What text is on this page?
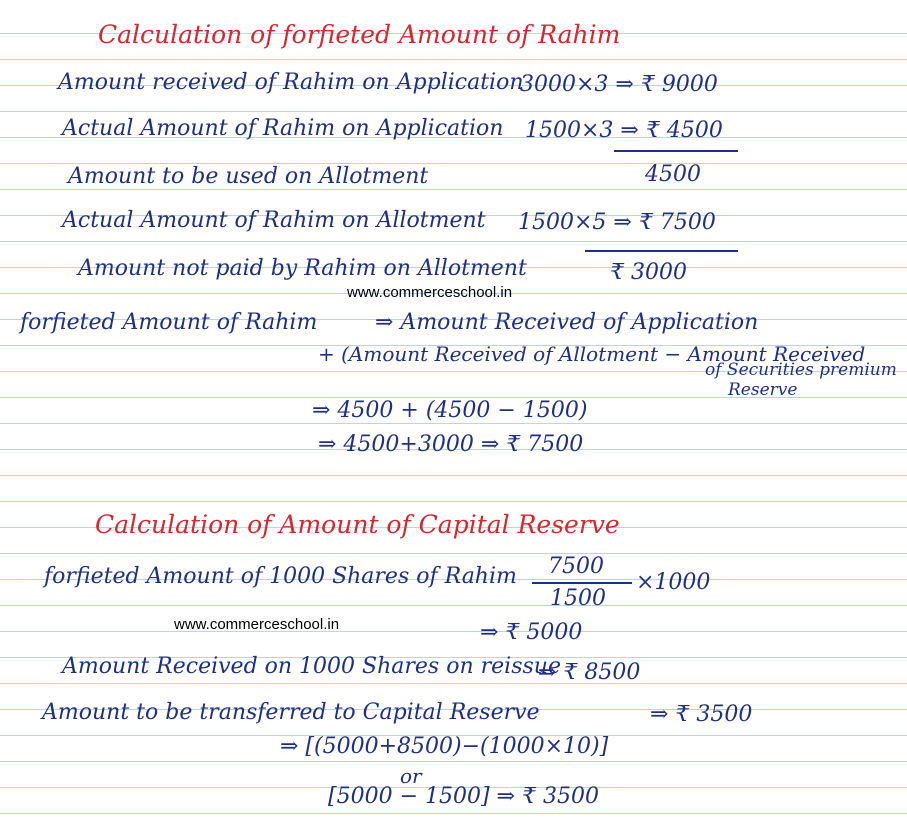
Calculation of forfieted Amount of Rahim
Amount received of Rahim on Application
3000×3 ⇒ ₹ 9000
Actual Amount of Rahim on Application 1500×3 ⇒ ₹ 4500
Amount to be used on Allotment	4500
Actual Amount of Rahim on Allotment 1500×5 ⇒ ₹ 7500
Amount not paid by Rahim on Allotment	₹ 3000
www.commerceschool.in
forfieted Amount of Rahim	⇒ Amount Received of Application
+ (Amount Received of Allotment − Amount Received
of Securities premium
Reserve
⇒ 4500 + (4500 − 1500)
⇒ 4500+3000 ⇒ ₹ 7500
Calculation of Amount of Capital Reserve
forfieted Amount of 1000 Shares of Rahim 7500
1500
×1000
www.commerceschool.in	⇒ ₹ 5000
Amount Received on 1000 Shares on reissue
⇒ ₹ 8500
Amount to be transferred to Capital Reserve	⇒ ₹ 3500
⇒ [(5000+8500)−(1000×10)]
or
[5000 − 1500] ⇒ ₹ 3500
